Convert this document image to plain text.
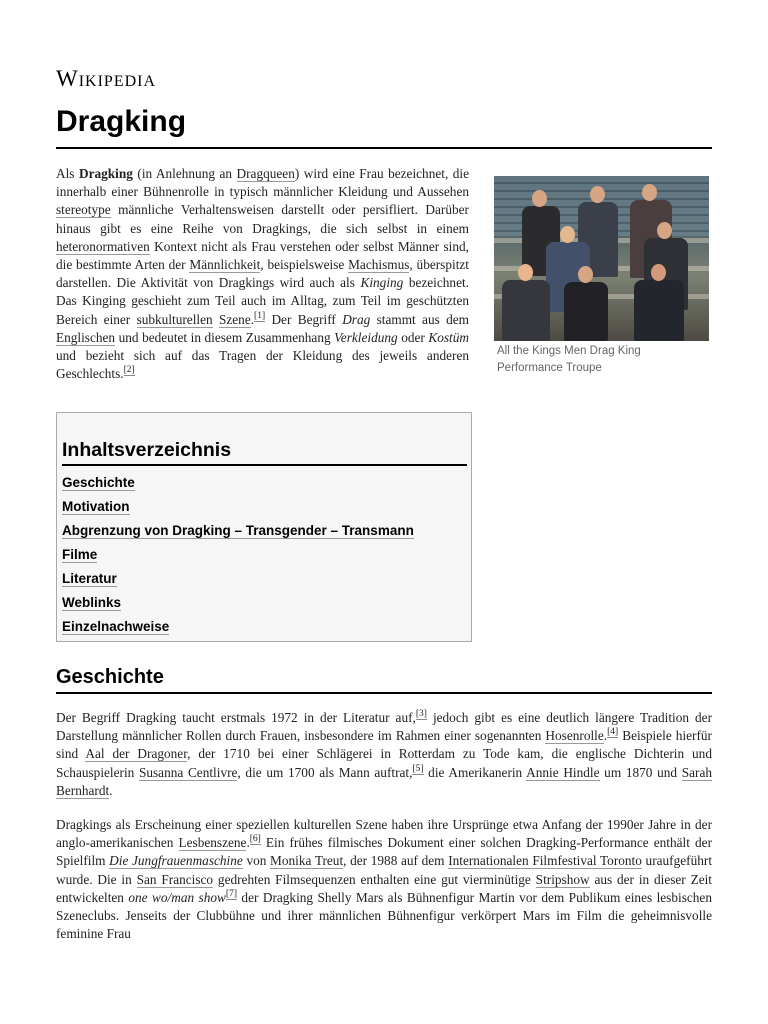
Wikipedia
Dragking

Als Dragking (in Anlehnung an Dragqueen) wird eine Frau bezeichnet, die innerhalb einer Bühnenrolle in typisch männlicher Kleidung und Aussehen stereotype männliche Verhaltensweisen darstellt oder persifliert. Darüber hinaus gibt es eine Reihe von Dragkings, die sich selbst in einem heteronormativen Kontext nicht als Frau verstehen oder selbst Männer sind, die bestimmte Arten der Männlichkeit, beispielsweise Machismus, überspitzt darstellen. Die Aktivität von Dragkings wird auch als Kinging bezeichnet. Das Kinging geschieht zum Teil auch im Alltag, zum Teil im geschützten Bereich einer subkulturellen Szene.[1] Der Begriff Drag stammt aus dem Englischen und bedeutet in diesem Zusammenhang Verkleidung oder Kostüm und bezieht sich auf das Tragen der Kleidung des jeweils anderen Geschlechts.[2]

All the Kings Men Drag King Performance Troupe
Inhaltsverzeichnis
Geschichte
Motivation
Abgrenzung von Dragking – Transgender – Transmann
Filme
Literatur
Weblinks
Einzelnachweise
Geschichte

Der Begriff Dragking taucht erstmals 1972 in der Literatur auf,[3] jedoch gibt es eine deutlich längere Tradition der Darstellung männlicher Rollen durch Frauen, insbesondere im Rahmen einer sogenannten Hosenrolle.[4] Beispiele hierfür sind Aal der Dragoner, der 1710 bei einer Schlägerei in Rotterdam zu Tode kam, die englische Dichterin und Schauspielerin Susanna Centlivre, die um 1700 als Mann auftrat,[5] die Amerikanerin Annie Hindle um 1870 und Sarah Bernhardt.

Dragkings als Erscheinung einer speziellen kulturellen Szene haben ihre Ursprünge etwa Anfang der 1990er Jahre in der anglo-amerikanischen Lesbenszene.[6] Ein frühes filmisches Dokument einer solchen Dragking-Performance enthält der Spielfilm Die Jungfrauenmaschine von Monika Treut, der 1988 auf dem Internationalen Filmfestival Toronto uraufgeführt wurde. Die in San Francisco gedrehten Filmsequenzen enthalten eine gut vierminütige Stripshow aus der in dieser Zeit entwickelten one wo/man show[7] der Dragking Shelly Mars als Bühnenfigur Martin vor dem Publikum eines lesbischen Szeneclubs. Jenseits der Clubbühne und ihrer männlichen Bühnenfigur verkörpert Mars im Film die geheimnisvolle feminine Frau
